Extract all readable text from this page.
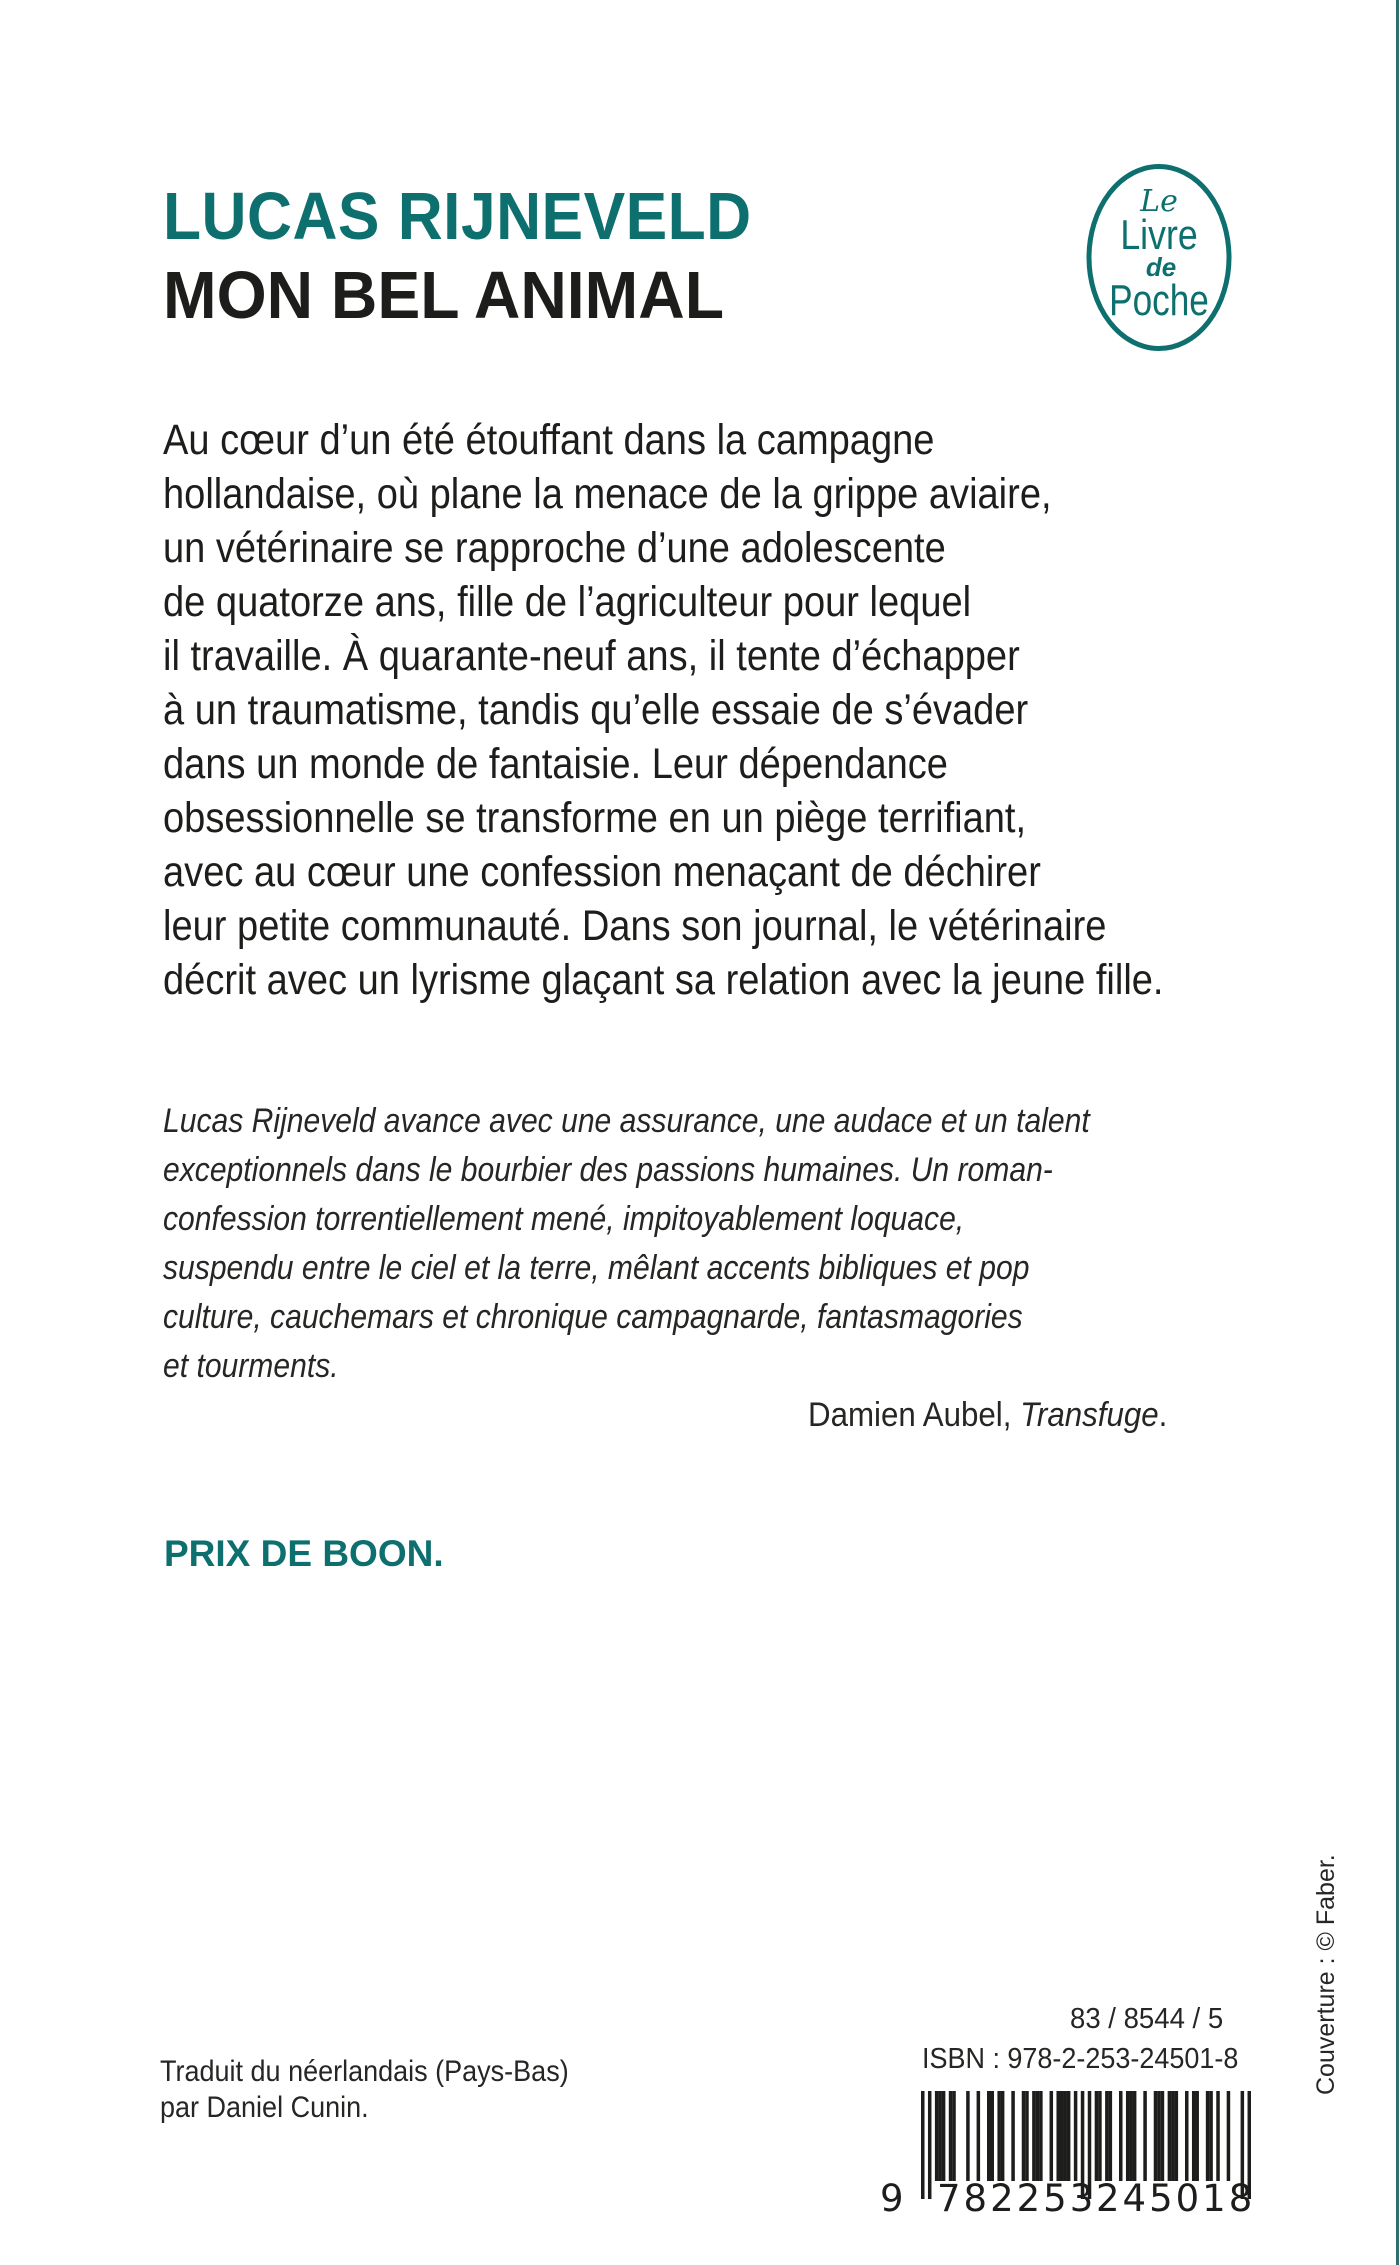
LUCAS RIJNEVELD
MON BEL ANIMAL
Le
Livre
de
Poche
Au cœur d’un été étouffant dans la campagne
hollandaise, où plane la menace de la grippe aviaire,
un vétérinaire se rapproche d’une adolescente
de quatorze ans, fille de l’agriculteur pour lequel
il travaille. À quarante-neuf ans, il tente d’échapper
à un traumatisme, tandis qu’elle essaie de s’évader
dans un monde de fantaisie. Leur dépendance
obsessionnelle se transforme en un piège terrifiant,
avec au cœur une confession menaçant de déchirer
leur petite communauté. Dans son journal, le vétérinaire
décrit avec un lyrisme glaçant sa relation avec la jeune fille.
Lucas Rijneveld avance avec une assurance, une audace et un talent
exceptionnels dans le bourbier des passions humaines. Un roman-
confession torrentiellement mené, impitoyablement loquace,
suspendu entre le ciel et la terre, mêlant accents bibliques et pop
culture, cauchemars et chronique campagnarde, fantasmagories
et tourments.
Damien Aubel, Transfuge.
PRIX DE BOON.
Traduit du néerlandais (Pays-Bas)
par Daniel Cunin.
83 / 8544 / 5
ISBN : 978-2-253-24501-8
9 782253 245018
Couverture : © Faber.
